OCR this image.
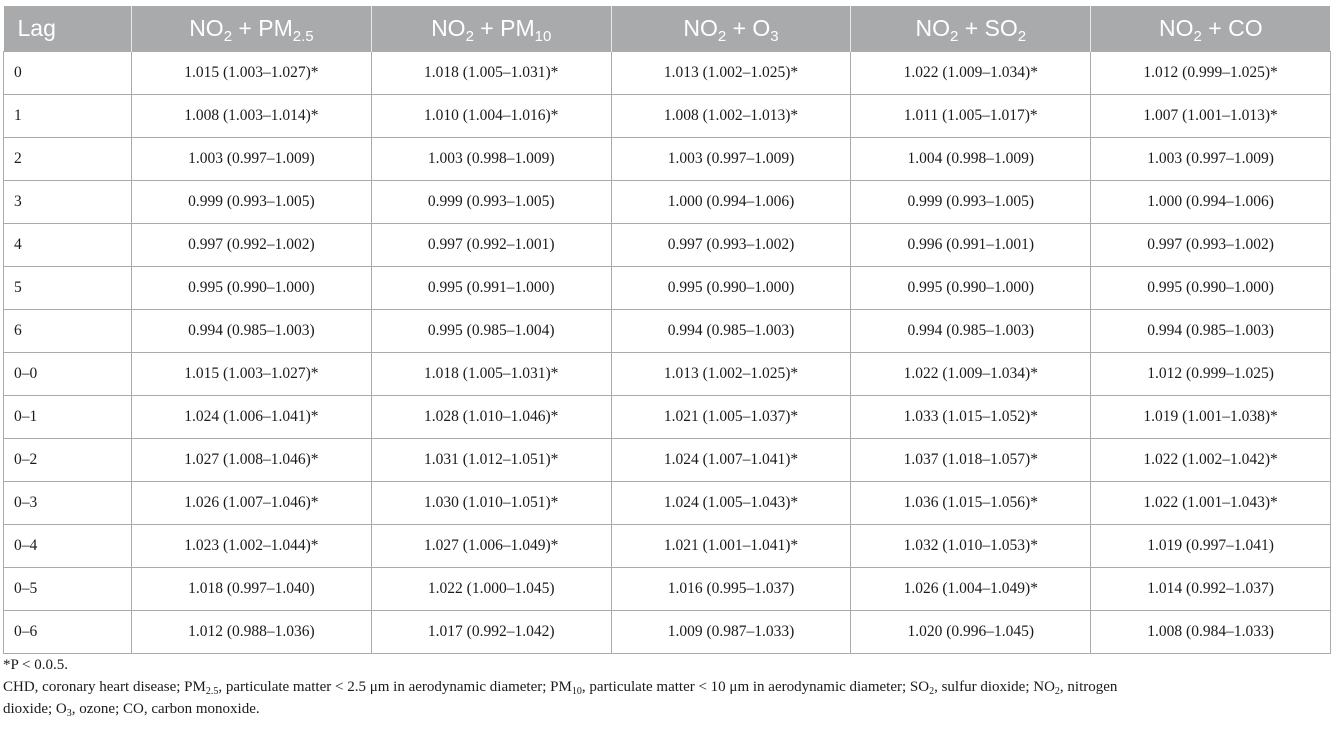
Lag	$NO_2 + PM_{2.5}$	$NO_2 + PM_{10}$	$NO_2 + O_3$	$NO_2 + SO_2$	$NO_2$ + CO
0	1.015 (1.003–1.027)*	1.018 (1.005–1.031)*	1.013 (1.002–1.025)*	1.022 (1.009–1.034)*	1.012 (0.999–1.025)*
1	1.008 (1.003–1.014)*	1.010 (1.004–1.016)*	1.008 (1.002–1.013)*	1.011 (1.005–1.017)*	1.007 (1.001–1.013)*
2	1.003 (0.997–1.009)	1.003 (0.998–1.009)	1.003 (0.997–1.009)	1.004 (0.998–1.009)	1.003 (0.997–1.009)
3	0.999 (0.993–1.005)	0.999 (0.993–1.005)	1.000 (0.994–1.006)	0.999 (0.993–1.005)	1.000 (0.994–1.006)
4	0.997 (0.992–1.002)	0.997 (0.992–1.001)	0.997 (0.993–1.002)	0.996 (0.991–1.001)	0.997 (0.993–1.002)
5	0.995 (0.990–1.000)	0.995 (0.991–1.000)	0.995 (0.990–1.000)	0.995 (0.990–1.000)	0.995 (0.990–1.000)
6	0.994 (0.985–1.003)	0.995 (0.985–1.004)	0.994 (0.985–1.003)	0.994 (0.985–1.003)	0.994 (0.985–1.003)
0–0	1.015 (1.003–1.027)*	1.018 (1.005–1.031)*	1.013 (1.002–1.025)*	1.022 (1.009–1.034)*	1.012 (0.999–1.025)
0–1	1.024 (1.006–1.041)*	1.028 (1.010–1.046)*	1.021 (1.005–1.037)*	1.033 (1.015–1.052)*	1.019 (1.001–1.038)*
0–2	1.027 (1.008–1.046)*	1.031 (1.012–1.051)*	1.024 (1.007–1.041)*	1.037 (1.018–1.057)*	1.022 (1.002–1.042)*
0–3	1.026 (1.007–1.046)*	1.030 (1.010–1.051)*	1.024 (1.005–1.043)*	1.036 (1.015–1.056)*	1.022 (1.001–1.043)*
0–4	1.023 (1.002–1.044)*	1.027 (1.006–1.049)*	1.021 (1.001–1.041)*	1.032 (1.010–1.053)*	1.019 (0.997–1.041)
0–5	1.018 (0.997–1.040)	1.022 (1.000–1.045)	1.016 (0.995–1.037)	1.026 (1.004–1.049)*	1.014 (0.992–1.037)
0–6	1.012 (0.988–1.036)	1.017 (0.992–1.042)	1.009 (0.987–1.033)	1.020 (0.996–1.045)	1.008 (0.984–1.033)
*P < 0.0.5.
CHD, coronary heart disease; $PM_{2.5}$, particulate matter < 2.5 μm in aerodynamic diameter; $PM_{10}$, particulate matter < 10 μm in aerodynamic diameter; $SO_2$, sulfur dioxide; $NO_2$, nitrogen
dioxide; $O_3$, ozone; CO, carbon monoxide.
